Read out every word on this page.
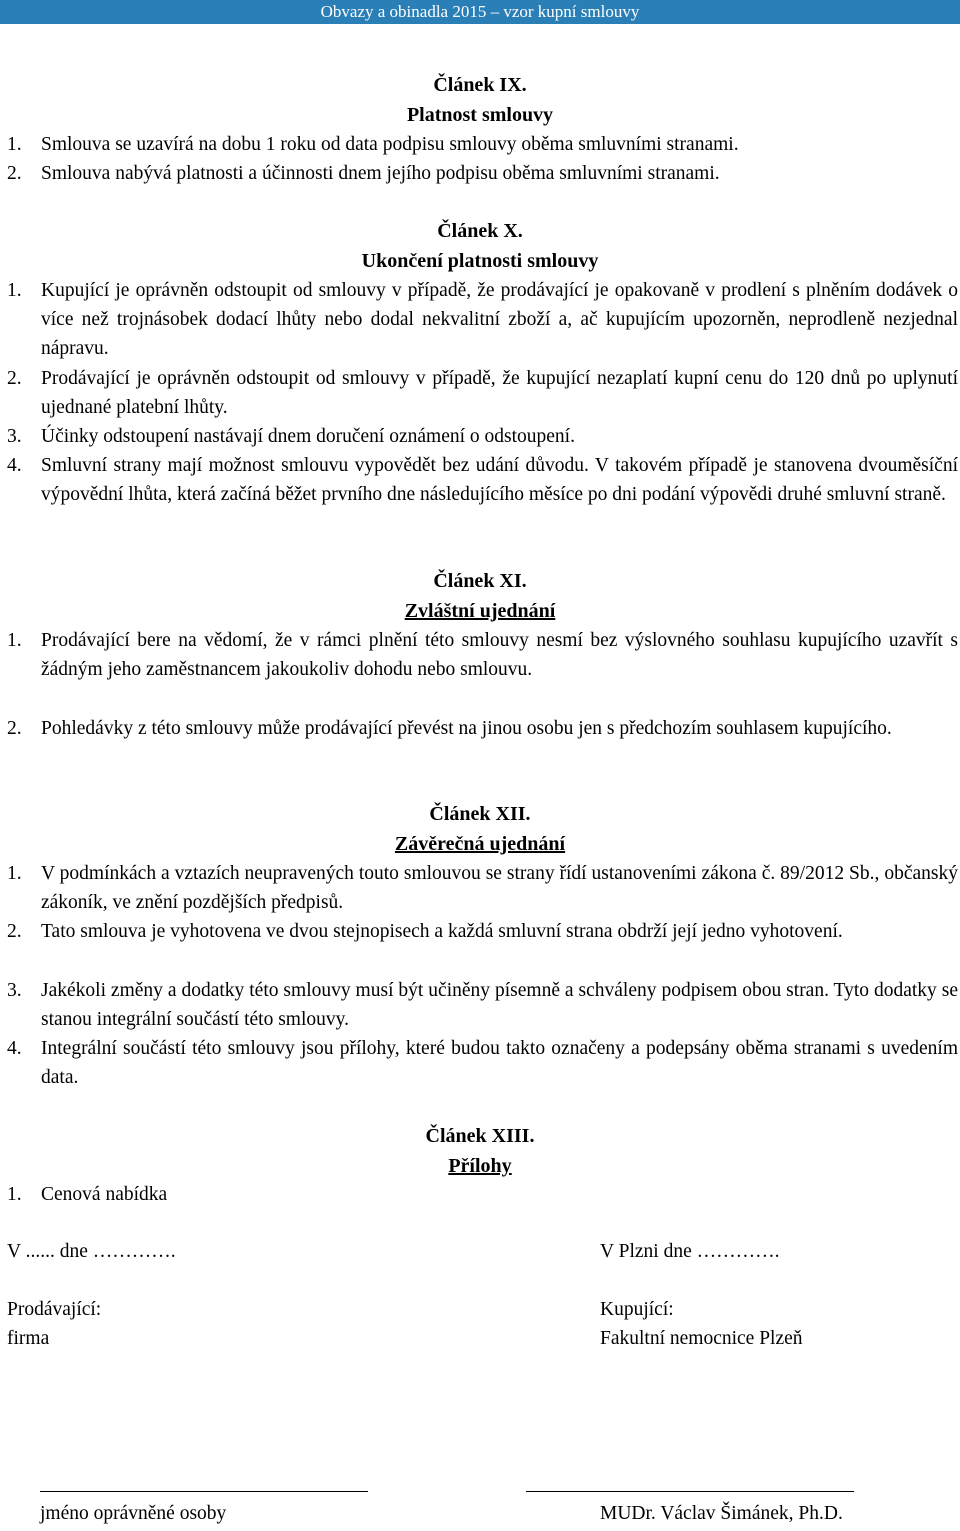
Obvazy a obinadla 2015 – vzor kupní smlouvy
Článek IX.
Platnost smlouvy
1. Smlouva se uzavírá na dobu 1 roku od data podpisu smlouvy oběma smluvními stranami.
2. Smlouva nabývá platnosti a účinnosti dnem jejího podpisu oběma smluvními stranami.
Článek X.
Ukončení platnosti smlouvy
1. Kupující je oprávněn odstoupit od smlouvy v případě, že prodávající je opakovaně v prodlení s plněním dodávek o více než trojnásobek dodací lhůty nebo dodal nekvalitní zboží a, ač kupujícím upozorněn, neprodleně nezjednal nápravu.
2. Prodávající je oprávněn odstoupit od smlouvy v případě, že kupující nezaplatí kupní cenu do 120 dnů po uplynutí ujednané platební lhůty.
3. Účinky odstoupení nastávají dnem doručení oznámení o odstoupení.
4. Smluvní strany mají možnost smlouvu vypovědět bez udání důvodu. V takovém případě je stanovena dvouměsíční výpovědní lhůta, která začíná běžet prvního dne následujícího měsíce po dni podání výpovědi druhé smluvní straně.
Článek XI.
Zvláštní ujednání
1. Prodávající bere na vědomí, že v rámci plnění této smlouvy nesmí bez výslovného souhlasu kupujícího uzavřít s žádným jeho zaměstnancem jakoukoliv dohodu nebo smlouvu.
2. Pohledávky z této smlouvy může prodávající převést na jinou osobu jen s předchozím souhlasem kupujícího.
Článek XII.
Závěrečná ujednání
1. V podmínkách a vztazích neupravených touto smlouvou se strany řídí ustanoveními zákona č. 89/2012 Sb., občanský zákoník, ve znění pozdějších předpisů.
2. Tato smlouva je vyhotovena ve dvou stejnopisech a každá smluvní strana obdrží její jedno vyhotovení.
3. Jakékoli změny a dodatky této smlouvy musí být učiněny písemně a schváleny podpisem obou stran. Tyto dodatky se stanou integrální součástí této smlouvy.
4. Integrální součástí této smlouvy jsou přílohy, které budou takto označeny a podepsány oběma stranami s uvedením data.
Článek XIII.
Přílohy
1. Cenová nabídka
V ...... dne ………….	V Plzni dne ………….
Prodávající:	Kupující:
firma	Fakultní nemocnice Plzeň
jméno oprávněné osoby	MUDr. Václav Šimánek, Ph.D.
